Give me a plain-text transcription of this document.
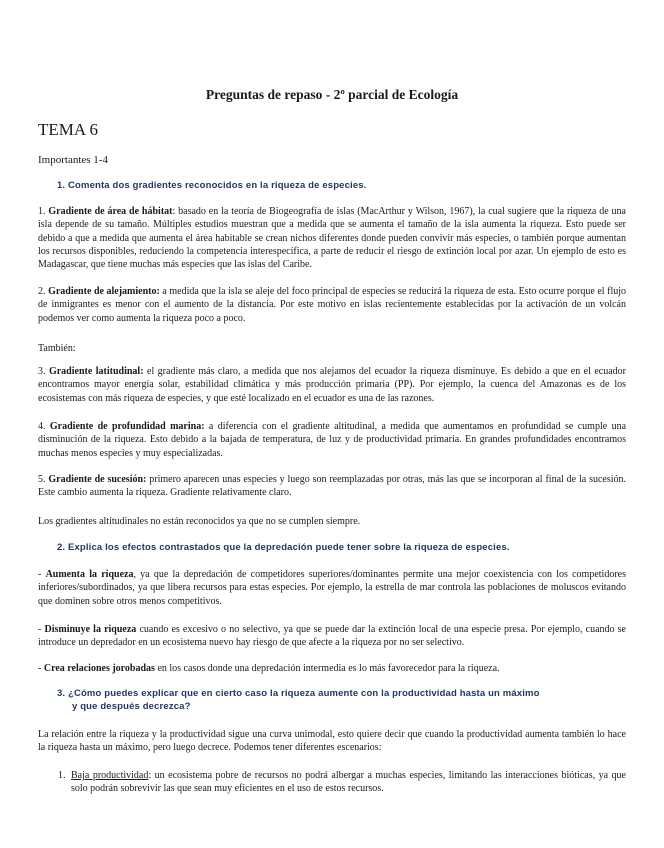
Preguntas de repaso - 2º parcial de Ecología
TEMA 6
Importantes 1-4
1. Comenta dos gradientes reconocidos en la riqueza de especies.

1. Gradiente de área de hábitat: basado en la teoría de Biogeografía de islas (MacArthur y Wilson, 1967), la cual sugiere que la riqueza de una isla depende de su tamaño. Múltiples estudios muestran que a medida que se aumenta el tamaño de la isla aumenta la riqueza. Esto puede ser debido a que a medida que aumenta el área habitable se crean nichos diferentes donde pueden convivir más especies, o también porque aumentan los recursos disponibles, reduciendo la competencia interespecífica, a parte de reducir el riesgo de extinción local por azar. Un ejemplo de esto es Madagascar, que tiene muchas más especies que las islas del Caribe.

2. Gradiente de alejamiento: a medida que la isla se aleje del foco principal de especies se reducirá la riqueza de esta. Esto ocurre porque el flujo de inmigrantes es menor con el aumento de la distancia. Por este motivo en islas recientemente establecidas por la activación de un volcán podemos ver como aumenta la riqueza poco a poco.

También:

3. Gradiente latitudinal: el gradiente más claro, a medida que nos alejamos del ecuador la riqueza disminuye. Es debido a que en el ecuador encontramos mayor energía solar, estabilidad climática y más producción primaria (PP). Por ejemplo, la cuenca del Amazonas es de los ecosistemas con más riqueza de especies, y que esté localizado en el ecuador es una de las razones.

4. Gradiente de profundidad marina: a diferencia con el gradiente altitudinal, a medida que aumentamos en profundidad se cumple una disminución de la riqueza. Esto debido a la bajada de temperatura, de luz y de productividad primaria. En grandes profundidades encontramos muchas menos especies y muy especializadas.

5. Gradiente de sucesión: primero aparecen unas especies y luego son reemplazadas por otras, más las que se incorporan al final de la sucesión. Este cambio aumenta la riqueza. Gradiente relativamente claro.

Los gradientes altitudinales no están reconocidos ya que no se cumplen siempre.

2. Explica los efectos contrastados que la depredación puede tener sobre la riqueza de especies.

- Aumenta la riqueza, ya que la depredación de competidores superiores/dominantes permite una mejor coexistencia con los competidores inferiores/subordinados, ya que libera recursos para estas especies. Por ejemplo, la estrella de mar controla las poblaciones de moluscos evitando que dominen sobre otros menos competitivos.

- Disminuye la riqueza cuando es excesivo o no selectivo, ya que se puede dar la extinción local de una especie presa. Por ejemplo, cuando se introduce un depredador en un ecosistema nuevo hay riesgo de que afecte a la riqueza por no ser selectivo.

- Crea relaciones jorobadas en los casos donde una depredación intermedia es lo más favorecedor para la riqueza.

3. ¿Cómo puedes explicar que en cierto caso la riqueza aumente con la productividad hasta un máximo
y que después decrezca?

La relación entre la riqueza y la productividad sigue una curva unimodal, esto quiere decir que cuando la productividad aumenta también lo hace la riqueza hasta un máximo, pero luego decrece. Podemos tener diferentes escenarios:

1. Baja productividad: un ecosistema pobre de recursos no podrá albergar a muchas especies, limitando las interacciones bióticas, ya que solo podrán sobrevivir las que sean muy eficientes en el uso de estos recursos.
